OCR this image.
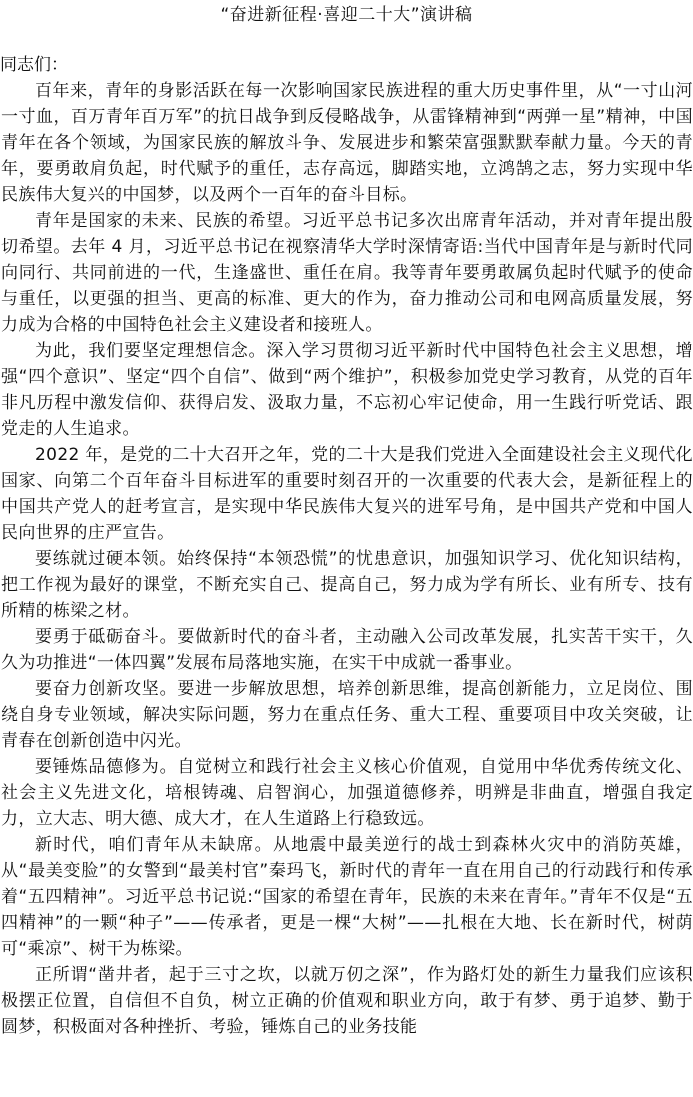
“奋进新征程·喜迎二十大”演讲稿

同志们：

百年来，青年的身影活跃在每一次影响国家民族进程的重大历史事件里，从“一寸山河一寸血，百万青年百万军”的抗日战争到反侵略战争，从雷锋精神到“两弹一星”精神，中国青年在各个领域，为国家民族的解放斗争、发展进步和繁荣富强默默奉献力量。今天的青年，要勇敢肩负起，时代赋予的重任，志存高远，脚踏实地，立鸿鹄之志，努力实现中华民族伟大复兴的中国梦，以及两个一百年的奋斗目标。

青年是国家的未来、民族的希望。习近平总书记多次出席青年活动，并对青年提出殷切希望。去年 4 月，习近平总书记在视察清华大学时深情寄语:当代中国青年是与新时代同向同行、共同前进的一代，生逢盛世、重任在肩。我等青年要勇敢属负起时代赋予的使命与重任，以更强的担当、更高的标准、更大的作为，奋力推动公司和电网高质量发展，努力成为合格的中国特色社会主义建设者和接班人。

为此，我们要坚定理想信念。深入学习贯彻习近平新时代中国特色社会主义思想，增强“四个意识”、坚定“四个自信”、做到“两个维护”，积极参加党史学习教育，从党的百年非凡历程中激发信仰、获得启发、汲取力量，不忘初心牢记使命，用一生践行听党话、跟党走的人生追求。

2022 年，是党的二十大召开之年，党的二十大是我们党进入全面建设社会主义现代化国家、向第二个百年奋斗目标进军的重要时刻召开的一次重要的代表大会，是新征程上的中国共产党人的赶考宣言，是实现中华民族伟大复兴的进军号角，是中国共产党和中国人民向世界的庄严宣告。

要练就过硬本领。始终保持“本领恐慌”的忧患意识，加强知识学习、优化知识结构，把工作视为最好的课堂，不断充实自己、提高自己，努力成为学有所长、业有所专、技有所精的栋梁之材。

要勇于砥砺奋斗。要做新时代的奋斗者，主动融入公司改革发展，扎实苦干实干，久久为功推进“一体四翼”发展布局落地实施，在实干中成就一番事业。

要奋力创新攻坚。要进一步解放思想，培养创新思维，提高创新能力，立足岗位、围绕自身专业领域，解决实际问题，努力在重点任务、重大工程、重要项目中攻关突破，让青春在创新创造中闪光。

要锤炼品德修为。自觉树立和践行社会主义核心价值观，自觉用中华优秀传统文化、社会主义先进文化，培根铸魂、启智润心，加强道德修养，明辨是非曲直，增强自我定力，立大志、明大德、成大才，在人生道路上行稳致远。

新时代，咱们青年从未缺席。从地震中最美逆行的战士到森林火灾中的消防英雄，从“最美变脸”的女警到“最美村官”秦玛飞，新时代的青年一直在用自己的行动践行和传承着“五四精神”。习近平总书记说:“国家的希望在青年，民族的未来在青年。”青年不仅是“五四精神”的一颗“种子”——传承者，更是一棵“大树”——扎根在大地、长在新时代，树荫可“乘凉”、树干为栋梁。

正所谓“凿井者，起于三寸之坎，以就万仞之深”，作为路灯处的新生力量我们应该积极摆正位置，自信但不自负，树立正确的价值观和职业方向，敢于有梦、勇于追梦、勤于圆梦，积极面对各种挫折、考验，锤炼自己的业务技能
